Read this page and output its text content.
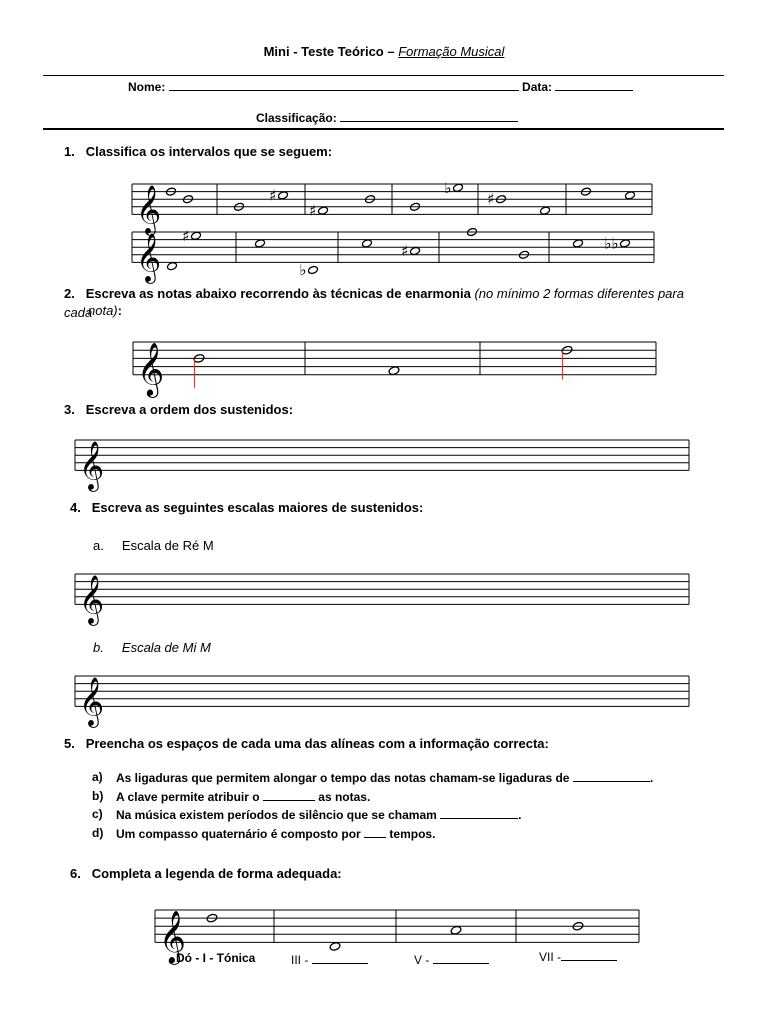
Mini - Teste Teórico – Formação Musical
Nome:	Data:
Classificação:
1. Classifica os intervalos que se seguem:
2. Escreva as notas abaixo recorrendo às técnicas de enarmonia (no mínimo 2 formas diferentes para cada
nota):
3. Escreva a ordem dos sustenidos:
4. Escreva as seguintes escalas maiores de sustenidos:
a. Escala de Ré M
b. Escala de Mi M
5. Preencha os espaços de cada uma das alíneas com a informação correcta:
a) As ligaduras que permitem alongar o tempo das notas chamam-se ligaduras de	.
b) A clave permite atribuir o	as notas.
c) Na música existem períodos de silêncio que se chamam	.
d) Um compasso quaternário é composto por tempos.
6. Completa a legenda de forma adequada:
Dó - I - Tónica	III -	V -	VII -
𝄞	♯
♯
♭
♯
𝄞 ♯
♭
♯	♭♭
𝄞
𝄞
𝄞
𝄞
𝄞
